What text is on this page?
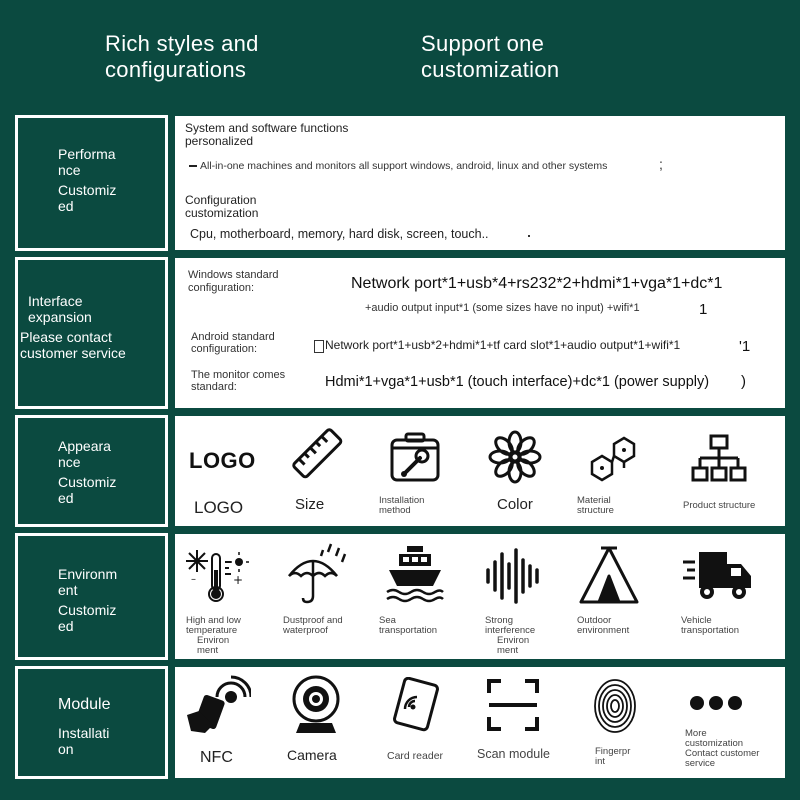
Rich styles and
configurations
Support one
customization
Performa
nce
Customiz
ed
System and software functions
personalized
All-in-one machines and monitors all support windows, android, linux and other systems	;
Configuration
customization
Cpu, motherboard, memory, hard disk, screen, touch..
Interface
expansion
Please contact
customer service
Windows standard
configuration:	Network port*1+usb*4+rs232*2+hdmi*1+vga*1+dc*1
+audio output input*1 (some sizes have no input) +wifi*1	1
Android standard
configuration:	Network port*1+usb*2+hdmi*1+tf card slot*1+audio output*1+wifi*1	'1
The monitor comes
standard:	Hdmi*1+vga*1+usb*1 (touch interface)+dc*1 (power supply) )
Appeara
nce
Customiz
ed
LOGO
LOGO	Size	Installation
method	Color	Material
structure	Product structure
Environm
ent
Customiz
ed
–	+
High and low
temperature
Environ
ment
Dustproof and
waterproof
Sea
transportation
Strong
interference
Environ
ment
Outdoor
environment
Vehicle
transportation
Module
Installati
on	NFC	Camera	Card reader	Scan module	Fingerpr
int
More
customization
Contact customer
service
